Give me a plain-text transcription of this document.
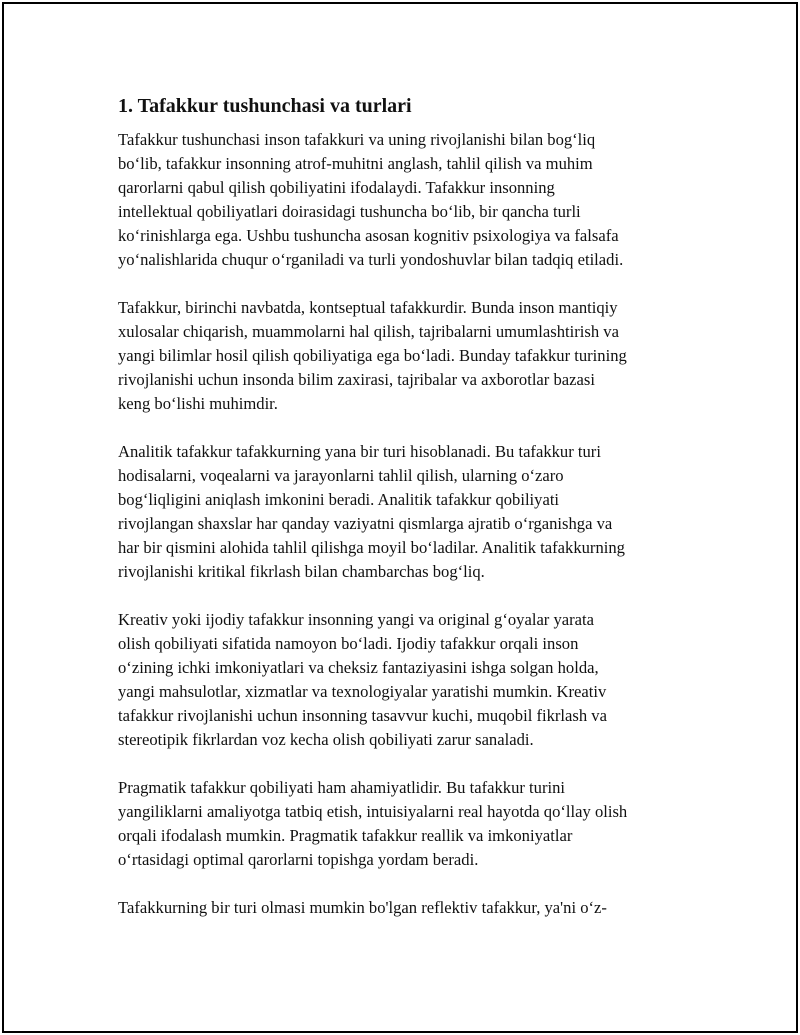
1. Tafakkur tushunchasi va turlari
Tafakkur tushunchasi inson tafakkuri va uning rivojlanishi bilan bog‘liq
bo‘lib, tafakkur insonning atrof-muhitni anglash, tahlil qilish va muhim
qarorlarni qabul qilish qobiliyatini ifodalaydi. Tafakkur insonning
intellektual qobiliyatlari doirasidagi tushuncha bo‘lib, bir qancha turli
ko‘rinishlarga ega. Ushbu tushuncha asosan kognitiv psixologiya va falsafa
yo‘nalishlarida chuqur o‘rganiladi va turli yondoshuvlar bilan tadqiq etiladi.
Tafakkur, birinchi navbatda, kontseptual tafakkurdir. Bunda inson mantiqiy
xulosalar chiqarish, muammolarni hal qilish, tajribalarni umumlashtirish va
yangi bilimlar hosil qilish qobiliyatiga ega bo‘ladi. Bunday tafakkur turining
rivojlanishi uchun insonda bilim zaxirasi, tajribalar va axborotlar bazasi
keng bo‘lishi muhimdir.
Analitik tafakkur tafakkurning yana bir turi hisoblanadi. Bu tafakkur turi
hodisalarni, voqealarni va jarayonlarni tahlil qilish, ularning o‘zaro
bog‘liqligini aniqlash imkonini beradi. Analitik tafakkur qobiliyati
rivojlangan shaxslar har qanday vaziyatni qismlarga ajratib o‘rganishga va
har bir qismini alohida tahlil qilishga moyil bo‘ladilar. Analitik tafakkurning
rivojlanishi kritikal fikrlash bilan chambarchas bog‘liq.
Kreativ yoki ijodiy tafakkur insonning yangi va original g‘oyalar yarata
olish qobiliyati sifatida namoyon bo‘ladi. Ijodiy tafakkur orqali inson
o‘zining ichki imkoniyatlari va cheksiz fantaziyasini ishga solgan holda,
yangi mahsulotlar, xizmatlar va texnologiyalar yaratishi mumkin. Kreativ
tafakkur rivojlanishi uchun insonning tasavvur kuchi, muqobil fikrlash va
stereotipik fikrlardan voz kecha olish qobiliyati zarur sanaladi.
Pragmatik tafakkur qobiliyati ham ahamiyatlidir. Bu tafakkur turini
yangiliklarni amaliyotga tatbiq etish, intuisiyalarni real hayotda qo‘llay olish
orqali ifodalash mumkin. Pragmatik tafakkur reallik va imkoniyatlar
o‘rtasidagi optimal qarorlarni topishga yordam beradi.
Tafakkurning bir turi olmasi mumkin bo'lgan reflektiv tafakkur, ya'ni o‘z-
